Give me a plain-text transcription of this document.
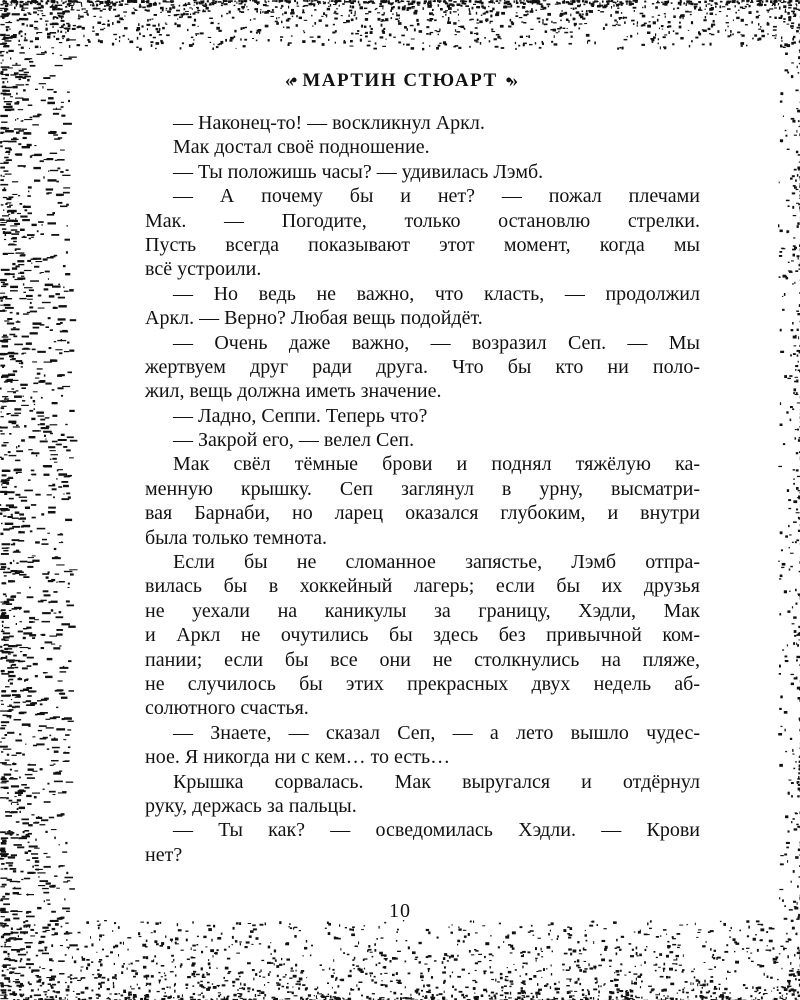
«• МАРТИН СТЮАРТ •»
— Наконец-то! — воскликнул Аркл.
Мак достал своё подношение.
— Ты положишь часы? — удивилась Лэмб.
— А почему бы и нет? — пожал плечами
Мак. — Погодите, только остановлю стрелки.
Пусть всегда показывают этот момент, когда мы
всё устроили.
— Но ведь не важно, что класть, — продолжил
Аркл. — Верно? Любая вещь подойдёт.
— Очень даже важно, — возразил Сеп. — Мы
жертвуем друг ради друга. Что бы кто ни поло-
жил, вещь должна иметь значение.
— Ладно, Сеппи. Теперь что?
— Закрой его, — велел Сеп.
Мак свёл тёмные брови и поднял тяжёлую ка-
менную крышку. Сеп заглянул в урну, высматри-
вая Барнаби, но ларец оказался глубоким, и внутри
была только темнота.
Если бы не сломанное запястье, Лэмб отпра-
вилась бы в хоккейный лагерь; если бы их друзья
не уехали на каникулы за границу, Хэдли, Мак
и Аркл не очутились бы здесь без привычной ком-
пании; если бы все они не столкнулись на пляже,
не случилось бы этих прекрасных двух недель аб-
солютного счастья.
— Знаете, — сказал Сеп, — а лето вышло чудес-
ное. Я никогда ни с кем… то есть…
Крышка сорвалась. Мак выругался и отдёрнул
руку, держась за пальцы.
— Ты как? — осведомилась Хэдли. — Крови
нет?
10
